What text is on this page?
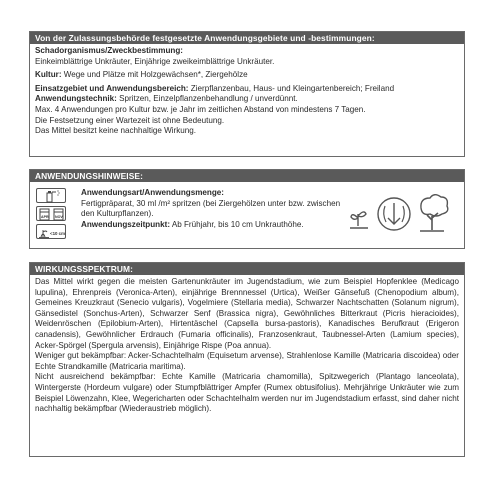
Von der Zulassungsbehörde festgesetzte Anwendungsgebiete und -bestimmungen:

Schadorganismus/Zweckbestimmung:

Einkeimblättrige Unkräuter, Einjährige zweikeimblättrige Unkräuter.

Kultur: Wege und Plätze mit Holzgewächsen*, Ziergehölze

Einsatzgebiet und Anwendungsbereich: Zierpflanzenbau, Haus- und Kleingartenbereich; Freiland

Anwendungstechnik: Spritzen, Einzelpflanzenbehandlung / unverdünnt.

Max. 4 Anwendungen pro Kultur bzw. je Jahr im zeitlichen Abstand von mindestens 7 Tagen.

Die Festsetzung einer Wartezeit ist ohne Bedeutung.

Das Mittel besitzt keine nachhaltige Wirkung.

ANWENDUNGSHINWEISE:
APR NOV
<10 cm

Anwendungsart/Anwendungsmenge:

Fertigpräparat, 30 ml /m² spritzen (bei Ziergehölzen unter bzw. zwischen den Kulturpflanzen).

Anwendungszeitpunkt: Ab Frühjahr, bis 10 cm Unkrauthöhe.

WIRKUNGSSPEKTRUM:

Das Mittel wirkt gegen die meisten Gartenunkräuter im Jugendstadium, wie zum Beispiel Hopfenklee (Medicago lupulina), Ehrenpreis (Veronica-Arten), einjährige Brennnessel (Urtica), Weißer Gänsefuß (Chenopodium album), Gemeines Kreuzkraut (Senecio vulgaris), Vogelmiere (Stellaria media), Schwarzer Nachtschatten (Solanum nigrum), Gänsedistel (Sonchus-Arten), Schwarzer Senf (Brassica nigra), Gewöhnliches Bitterkraut (Picris hieracioides), Weidenröschen (Epilobium-Arten), Hirtentäschel (Capsella bursa-pastoris), Kanadisches Berufkraut (Erigeron canadensis), Gewöhnlicher Erdrauch (Fumaria officinalis), Franzosenkraut, Taubnessel-Arten (Lamium species), Acker-Spörgel (Spergula arvensis), Einjährige Rispe (Poa annua).

Weniger gut bekämpfbar: Acker-Schachtelhalm (Equisetum arvense), Strahlenlose Kamille (Matricaria discoidea) oder Echte Strandkamille (Matricaria maritima).

Nicht ausreichend bekämpfbar: Echte Kamille (Matricaria chamomilla), Spitzwegerich (Plantago lanceolata), Wintergerste (Hordeum vulgare) oder Stumpfblättriger Ampfer (Rumex obtusifolius). Mehrjährige Unkräuter wie zum Beispiel Löwenzahn, Klee, Wegericharten oder Schachtelhalm werden nur im Jugendstadium erfasst, sind daher nicht nachhaltig bekämpfbar (Wiederaustrieb möglich).
